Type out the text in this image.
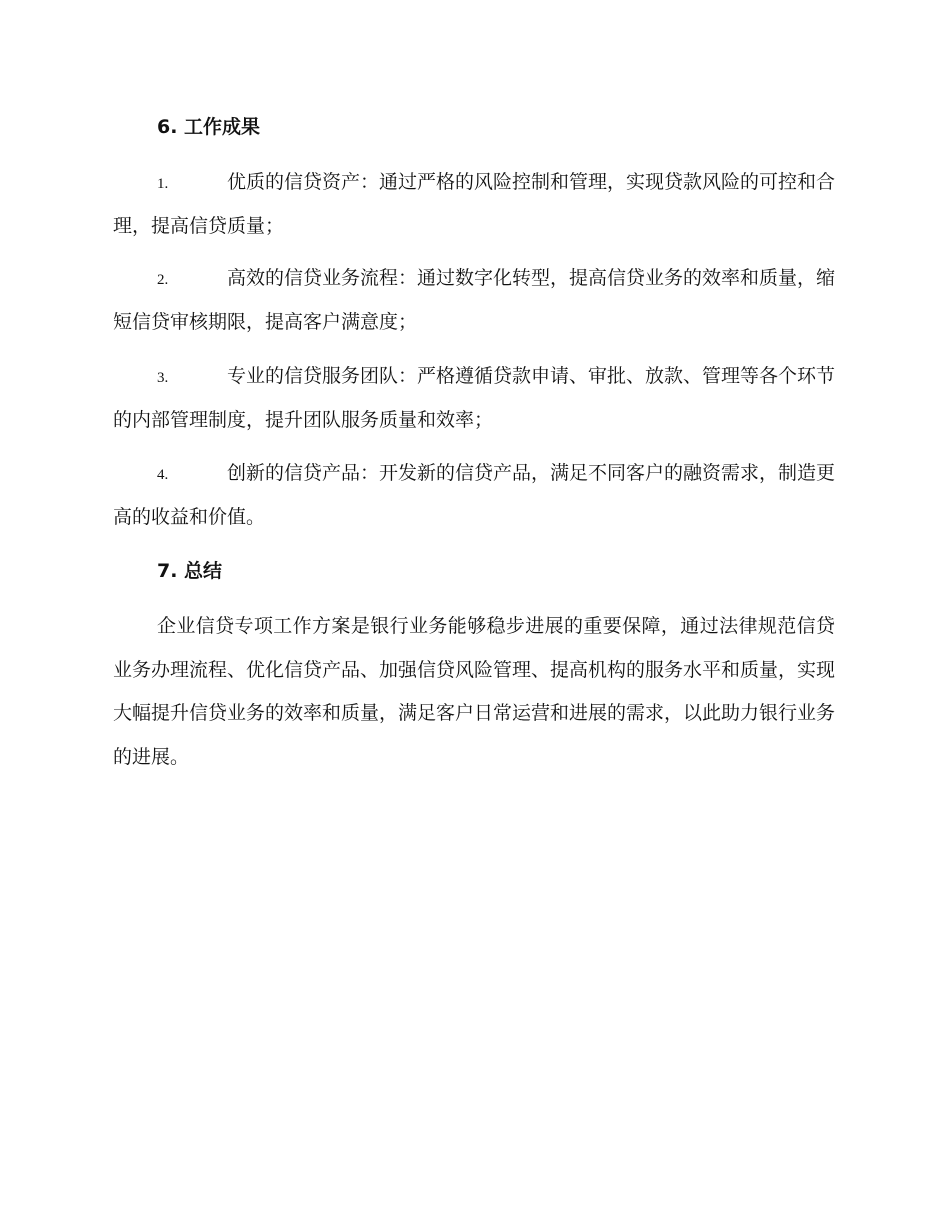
6. 工作成果
1.	优质的信贷资产：通过严格的风险控制和管理，实现贷款风险的可控和合理，提高信贷质量；
2.	高效的信贷业务流程：通过数字化转型，提高信贷业务的效率和质量，缩短信贷审核期限，提高客户满意度；
3.	专业的信贷服务团队：严格遵循贷款申请、审批、放款、管理等各个环节的内部管理制度，提升团队服务质量和效率；
4.	创新的信贷产品：开发新的信贷产品，满足不同客户的融资需求，制造更高的收益和价值。
7. 总结
企业信贷专项工作方案是银行业务能够稳步进展的重要保障，通过法律规范信贷业务办理流程、优化信贷产品、加强信贷风险管理、提高机构的服务水平和质量，实现大幅提升信贷业务的效率和质量，满足客户日常运营和进展的需求，以此助力银行业务的进展。
